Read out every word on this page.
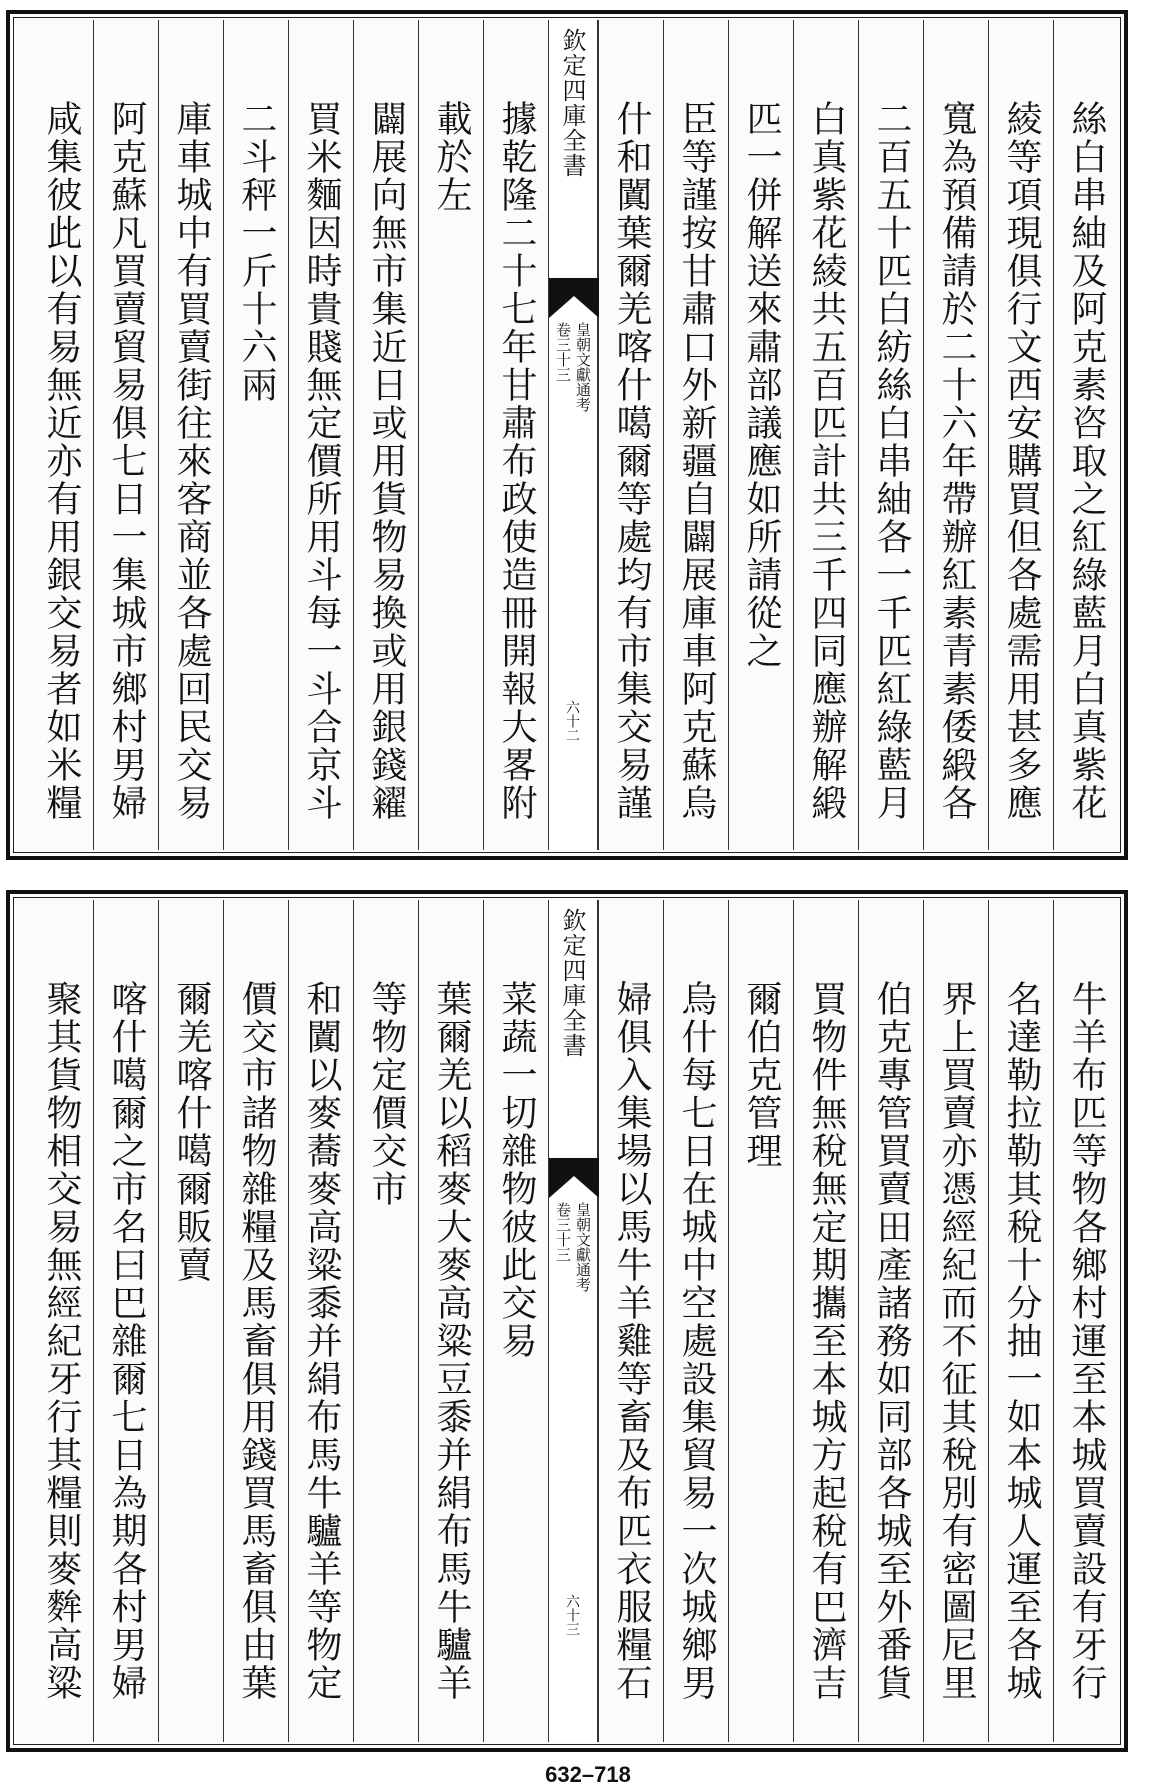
絲白串紬及阿克素咨取之紅綠藍月白真紫花
綾等項現俱行文西安購買但各處需用甚多應
寬為預備請於二十六年帶辦紅素青素倭緞各
二百五十匹白紡絲白串紬各一千匹紅綠藍月
白真紫花綾共五百匹計共三千四同應辦解緞
匹一併解送來肅部議應如所請從之
臣等謹按甘肅口外新疆自闢展庫車阿克蘇烏
什和闐葉爾羌喀什噶爾等處均有市集交易謹
欽定四庫全書
皇朝文獻通考
卷三十三
六十二
據乾隆二十七年甘肅布政使造冊開報大畧附
載於左
闢展向無市集近日或用貨物易換或用銀錢糴
買米麵因時貴賤無定價所用斗每一斗合京斗
二斗秤一斤十六兩
庫車城中有買賣街往來客商並各處回民交易
阿克蘇凡買賣貿易俱七日一集城市鄉村男婦
咸集彼此以有易無近亦有用銀交易者如米糧
牛羊布匹等物各鄉村運至本城買賣設有牙行
名達勒拉勒其稅十分抽一如本城人運至各城
界上買賣亦憑經紀而不征其稅別有密圖尼里
伯克專管買賣田產諸務如同部各城至外番貨
買物件無稅無定期攜至本城方起稅有巴濟吉
爾伯克管理
烏什每七日在城中空處設集貿易一次城鄉男
婦俱入集場以馬牛羊雞等畜及布匹衣服糧石
欽定四庫全書
皇朝文獻通考
卷三十三
六十三
菜蔬一切雜物彼此交易
葉爾羌以稻麥大麥高粱豆黍并絹布馬牛驢羊
等物定價交市
和闐以麥蕎麥高粱黍并絹布馬牛驢羊等物定
價交市諸物雜糧及馬畜俱用錢買馬畜俱由葉
爾羌喀什噶爾販賣
喀什噶爾之市名曰巴雜爾七日為期各村男婦
聚其貨物相交易無經紀牙行其糧則麥麰高粱
632–718
